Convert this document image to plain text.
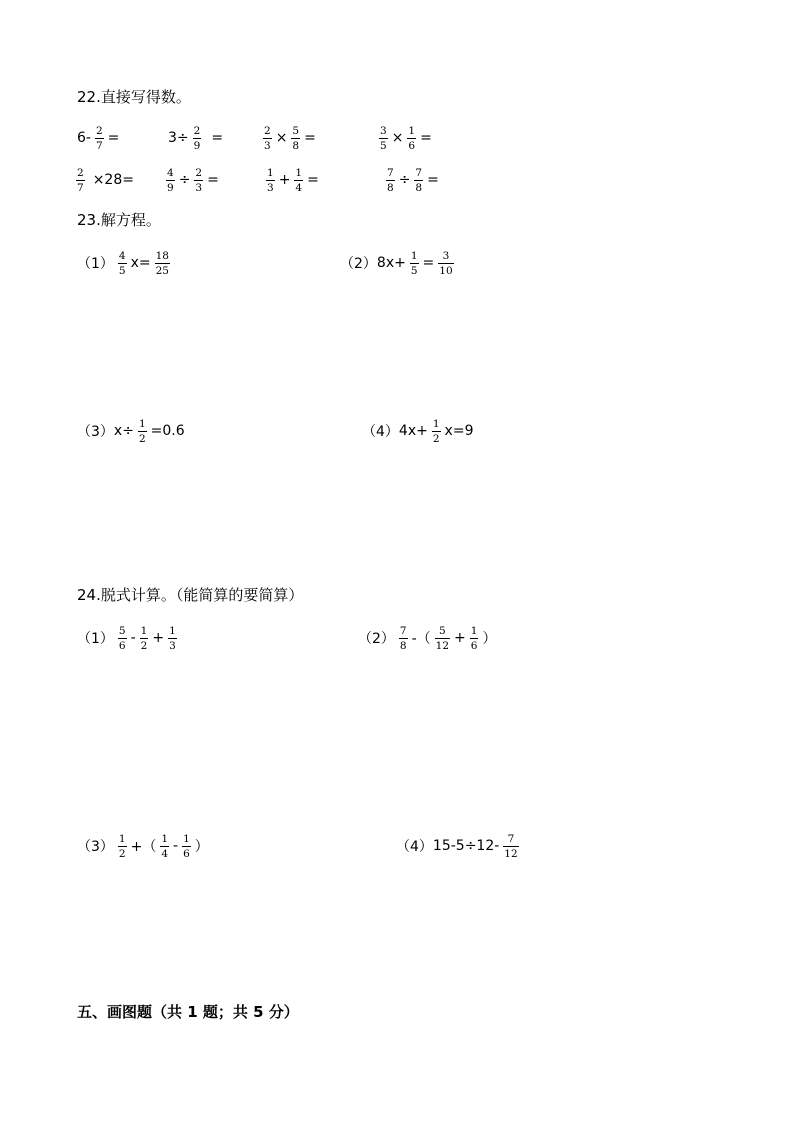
22.直接写得数。
$6- \frac{2}{7}$ =	$3\div \frac{2}{9}$ =	$\frac{2}{3} \times \frac{5}{8}$ =	$\frac{3}{5} \times \frac{1}{6}$ =
$\frac{2}{7} \times 28=$	$\frac{4}{9} \div \frac{2}{3}$ =	$\frac{1}{3} + \frac{1}{4}$ =	$\frac{7}{8} \div \frac{7}{8}$ =
23.解方程。
$(1) \frac{4}{5} x= \frac{18}{25}$	（2） $8x+ \frac{1}{5} = \frac{3}{10}$
（3） $x\div \frac{1}{2} =0.6$	（4） $4x+ \frac{1}{2} x=9$
24.脱式计算。（能简算的要简算）
$(1) \frac{5}{6} - \frac{1}{2} + \frac{1}{3}$	$(2) \frac{7}{8}$ -（ $\frac{5}{12} + \frac{1}{6}$ ）
$(3) \frac{1}{2}$ +（ $\frac{1}{4} - \frac{1}{6}$ ）	（4） $15-5\div 12- \frac{7}{12}$
五、画图题（共 1 题；共 5 分）
